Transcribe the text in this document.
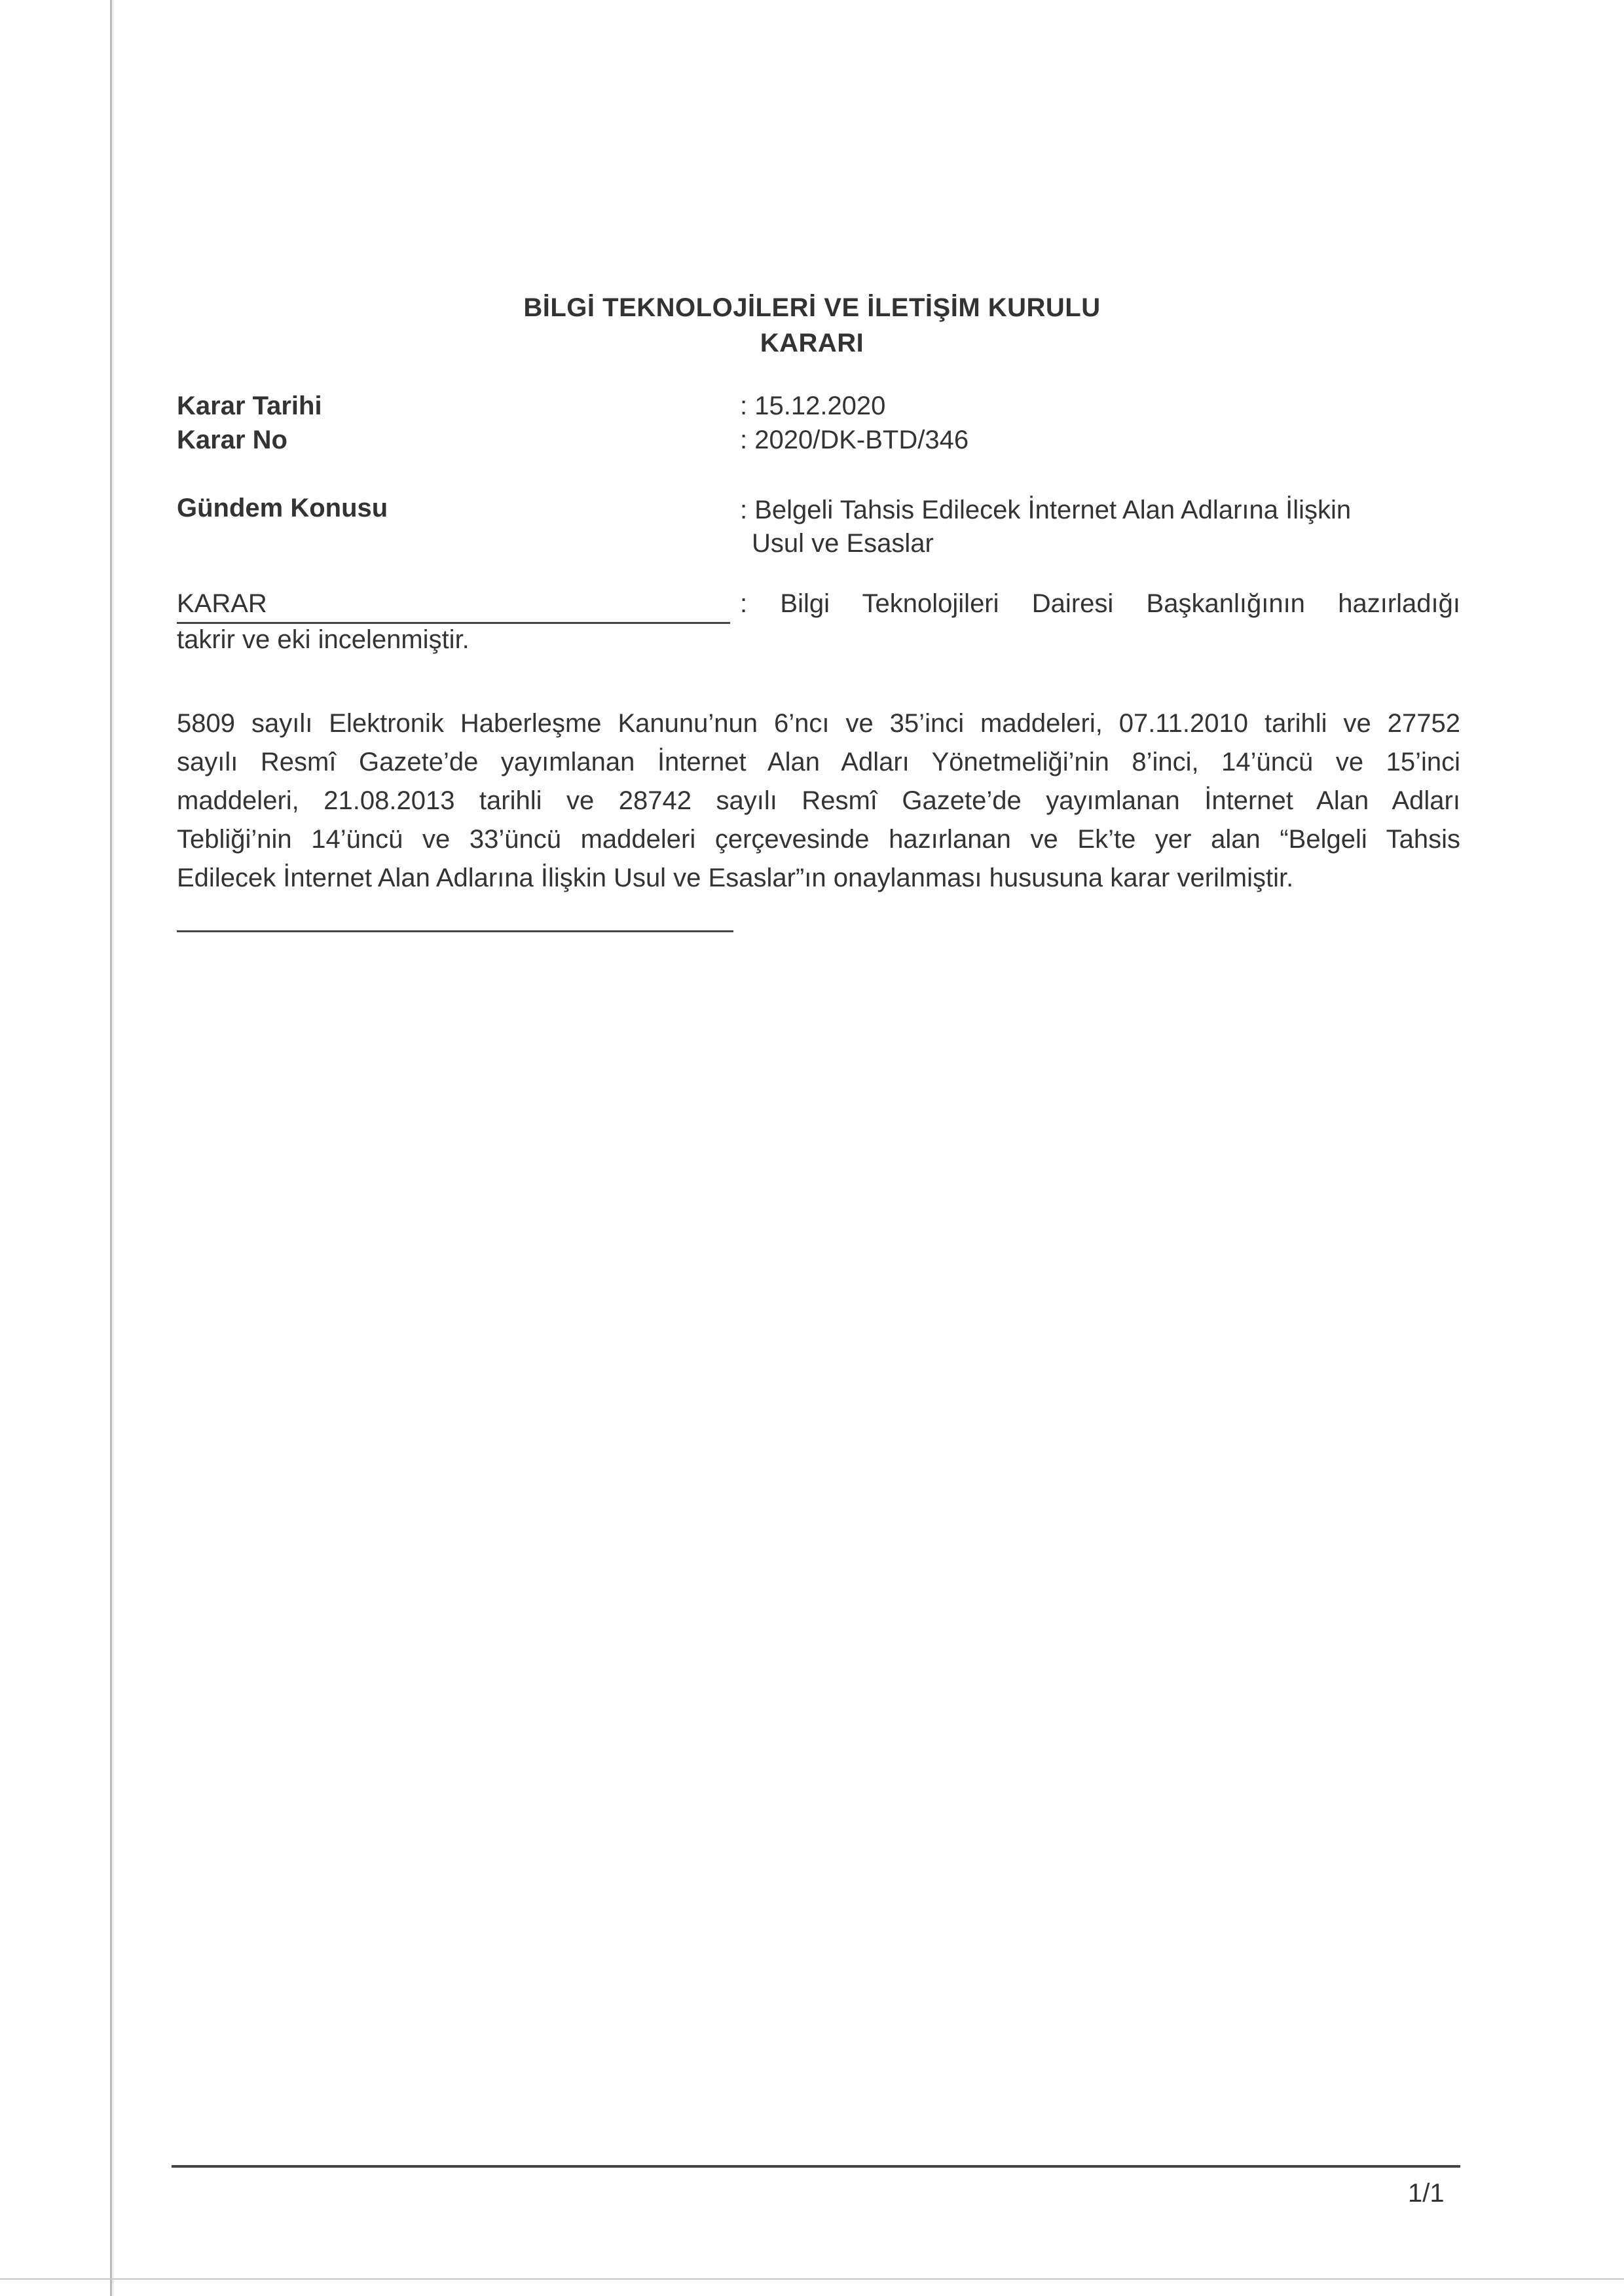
BİLGİ TEKNOLOJİLERİ VE İLETİŞİM KURULU
KARARI
Karar Tarihi	: 15.12.2020
Karar No	: 2020/DK-BTD/346
Gündem Konusu	: Belgeli Tahsis Edilecek İnternet Alan Adlarına İlişkin
Usul ve Esaslar
KARAR	: Bilgi Teknolojileri Dairesi Başkanlığının hazırladığı
takrir ve eki incelenmiştir.
5809 sayılı Elektronik Haberleşme Kanunu’nun 6’ncı ve 35’inci maddeleri, 07.11.2010 tarihli ve 27752
sayılı Resmî Gazete’de yayımlanan İnternet Alan Adları Yönetmeliği’nin 8’inci, 14’üncü ve 15’inci
maddeleri, 21.08.2013 tarihli ve 28742 sayılı Resmî Gazete’de yayımlanan İnternet Alan Adları
Tebliği’nin 14’üncü ve 33’üncü maddeleri çerçevesinde hazırlanan ve Ek’te yer alan “Belgeli Tahsis
Edilecek İnternet Alan Adlarına İlişkin Usul ve Esaslar”ın onaylanması hususuna karar verilmiştir.
1/1
